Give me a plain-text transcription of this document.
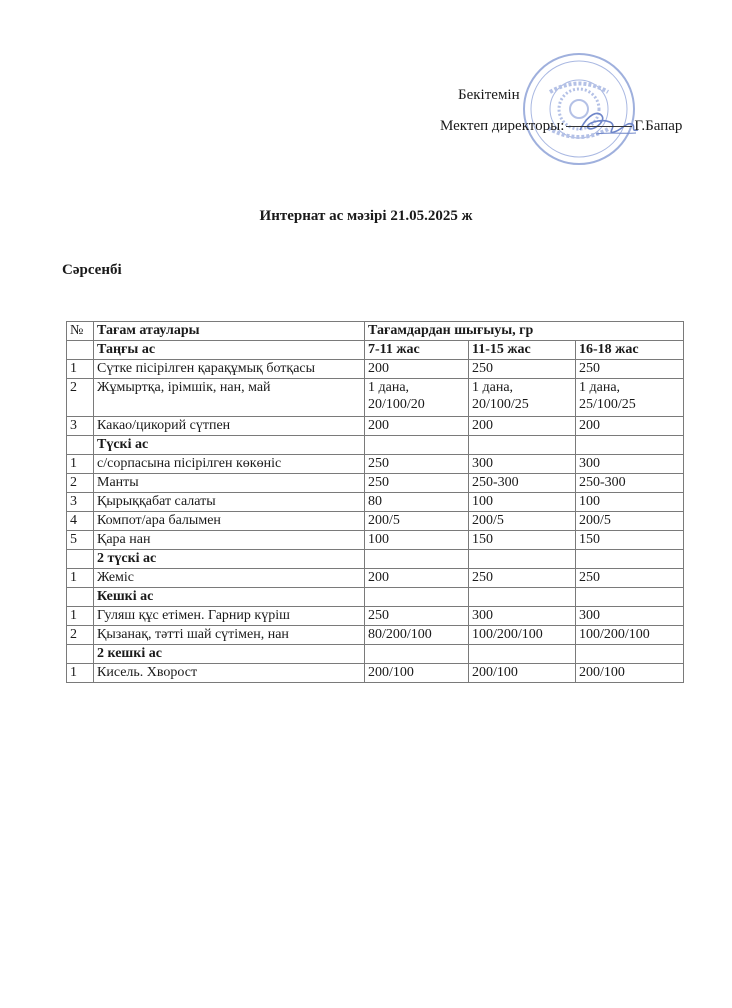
Бекітемін
Мектеп директоры:	Г.Бапар
Интернат ас мәзірі 21.05.2025 ж
Сәрсенбі
№	Тағам атаулары	Тағамдардан шығыуы, гр		
	Таңғы ас	7-11 жас	11-15 жас	16-18 жас
1	Сүтке пісірілген қарақұмық ботқасы	200	250	250
2	Жұмыртқа, ірімшік, нан, май	1 дана, 20/100/20	1 дана, 20/100/25	1 дана, 25/100/25
3	Какао/цикорий сүтпен	200	200	200
	Түскі ас			
1	с/сорпасына пісірілген көкөніс	250	300	300
2	Манты	250	250-300	250-300
3	Қырыққабат салаты	80	100	100
4	Компот/ара балымен	200/5	200/5	200/5
5	Қара нан	100	150	150
	2 түскі ас			
1	Жеміс	200	250	250
	Кешкі ас			
1	Гуляш құс етімен. Гарнир күріш	250	300	300
2	Қызанақ, тәтті шай сүтімен, нан	80/200/100	100/200/100	100/200/100
	2 кешкі ас			
1	Кисель. Хворост	200/100	200/100	200/100
